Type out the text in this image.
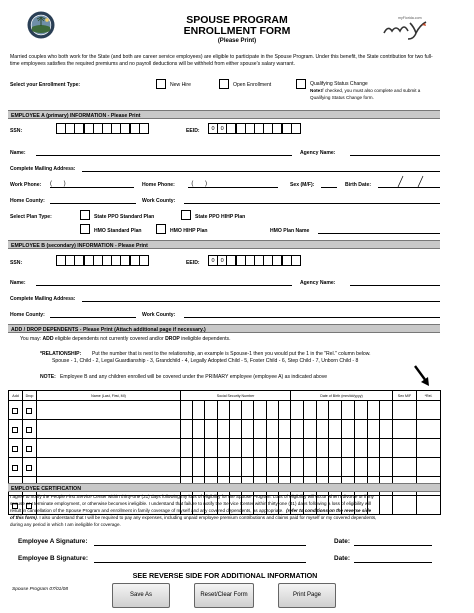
SPOUSE PROGRAM
ENROLLMENT FORM
(Please Print)
myFlorida.com
Married couples who both work for the State (and both are career service employees) are eligible to participate in the Spouse Program. Under this benefit, the State contribution for two full-time employees satisfies the required premiums and no payroll deductions will be withheld from either spouse's salary warrant.
Select your Enrollment Type:	New Hire	Open Enrollment	Qualifying Status Change
Note: If checked, you must also complete and submit a
Qualifying Status Change form.
EMPLOYEE A (primary) INFORMATION - Please Print
SSN:	EEID:	0	0
Name:	Agency Name:
Complete Mailing Address:
Work Phone: (       )	Home Phone: (       )	Sex (M/F):	Birth Date:
Home County:	Work County:
Select Plan Type:	State PPO Standard Plan	State PPO HIHP Plan
HMO Standard Plan	HMO HIHP Plan	HMO Plan Name
EMPLOYEE B (secondary) INFORMATION - Please Print
SSN:	EEID:	0	0
Name:	Agency Name:
Complete Mailing Address:
Home County:	Work County:
ADD / DROP DEPENDENTS - Please Print (Attach additional page if necessary.)
You may: ADD eligible dependents not currently covered and/or DROP ineligible dependents.
*RELATIONSHIP: Put the number that is next to the relationship, an example is Spouse-1 then you would put the 1 in the "Rel." column below.
Spouse - 1, Child - 2, Legal Guardianship - 3, Grandchild - 4, Legally Adopted Child - 5, Foster Child - 6, Step Child - 7, Unborn Child - 8
NOTE: Employee B and any children enrolled will be covered under the PRIMARY employee (employee A) as indicated above
Add	Drop	Name (Last, First, MI)	Social Security Number	Date of Birth (mm/dd/yyyy)	Sex M/F	*Rel.

EMPLOYEE CERTIFICATION
I agree to notify the People First Service Center within thirty-one (31) days following my loss of eligibility for the Spouse Program. Loss of eligibility will occur when I divorce or if my
spouse or I terminate employment, or otherwise becomes ineligible. I understand that failure to notify the Service Center within thirty-one (31) days following a loss of eligibility will
result in cancellation of the Spouse Program and enrollment in family coverage of myself and any covered dependents, as appropriate. (refer to conditions on the reverse side
of this form). I also understand that I will be required to pay any expenses, including unpaid employee premium contributions and claims paid for myself or my covered dependents,
during any period in which I am ineligible for coverage.
Employee A Signature:	Date:
Employee B Signature:	Date:
SEE REVERSE SIDE FOR ADDITIONAL INFORMATION
Spouse Program 07/01/08
Save As	Reset/Clear Form	Print Page
